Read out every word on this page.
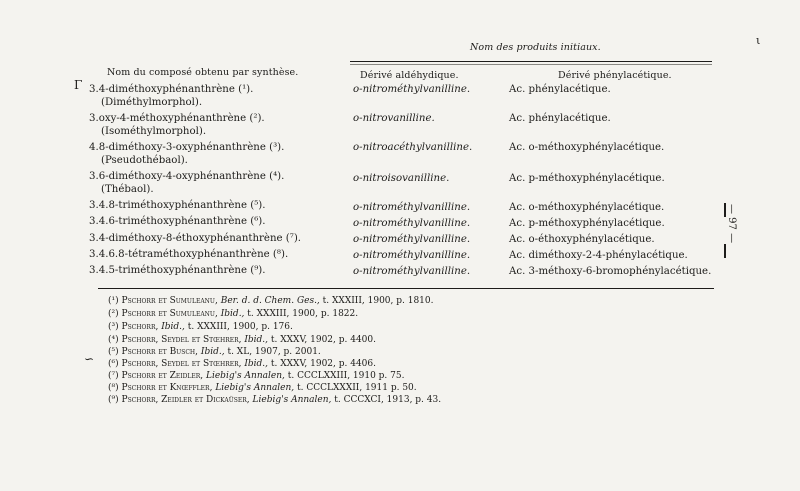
Nom des produits initiaux.
Nom du composé obtenu par synthèse.	Dérivé aldéhydique.	Dérivé phénylacétique.
Γ
∽
ι
— 97 —
3.4-diméthoxyphénanthrène (¹).
(Diméthylmorphol).
o-nitrométhylvanilline.	Ac. phénylacétique.
3.oxy-4-méthoxyphénanthrène (²).
(Isométhylmorphol).
o-nitrovanilline.	Ac. phénylacétique.
4.8-diméthoxy-3-oxyphénanthrène (³).
(Pseudothébaol).
o-nitroacéthylvanilline.	Ac. o-méthoxyphénylacétique.
3.6-diméthoxy-4-oxyphénanthrène (⁴).
(Thébaol).
o-nitroisovanilline.	Ac. p-méthoxyphénylacétique.
3.4.8-triméthoxyphénanthrène (⁵).	o-nitrométhylvanilline.	Ac. o-méthoxyphénylacétique.
3.4.6-triméthoxyphénanthrène (⁶).	o-nitrométhylvanilline.	Ac. p-méthoxyphénylacétique.
3.4-diméthoxy-8-éthoxyphénanthrène (⁷).	o-nitrométhylvanilline.	Ac. o-éthoxyphénylacétique.
3.4.6.8-tétraméthoxyphénanthrène (⁸).	o-nitrométhylvanilline.	Ac. diméthoxy-2-4-phénylacétique.
3.4.5-triméthoxyphénanthrène (⁹).	o-nitrométhylvanilline.	Ac. 3-méthoxy-6-bromophénylacétique.
(¹) Pschorr et Sumuleanu, Ber. d. d. Chem. Ges., t. XXXIII, 1900, p. 1810.
(²) Pschorr et Sumuleanu, Ibid., t. XXXIII, 1900, p. 1822.
(³) Pschorr, Ibid., t. XXXIII, 1900, p. 176.
(⁴) Pschorr, Seydel et Stœhrer, Ibid., t. XXXV, 1902, p. 4400.
(⁵) Pschorr et Busch, Ibid., t. XL, 1907, p. 2001.
(⁶) Pschorr, Seydel et Stœhrer, Ibid., t. XXXV, 1902, p. 4406.
(⁷) Pschorr et Zeidler, Liebig's Annalen, t. CCCLXXIII, 1910 p. 75.
(⁸) Pschorr et Knœffler, Liebig's Annalen, t. CCCLXXXII, 1911 p. 50.
(⁹) Pschorr, Zeidler et Dickaüser, Liebig's Annalen, t. CCCXCI, 1913, p. 43.
